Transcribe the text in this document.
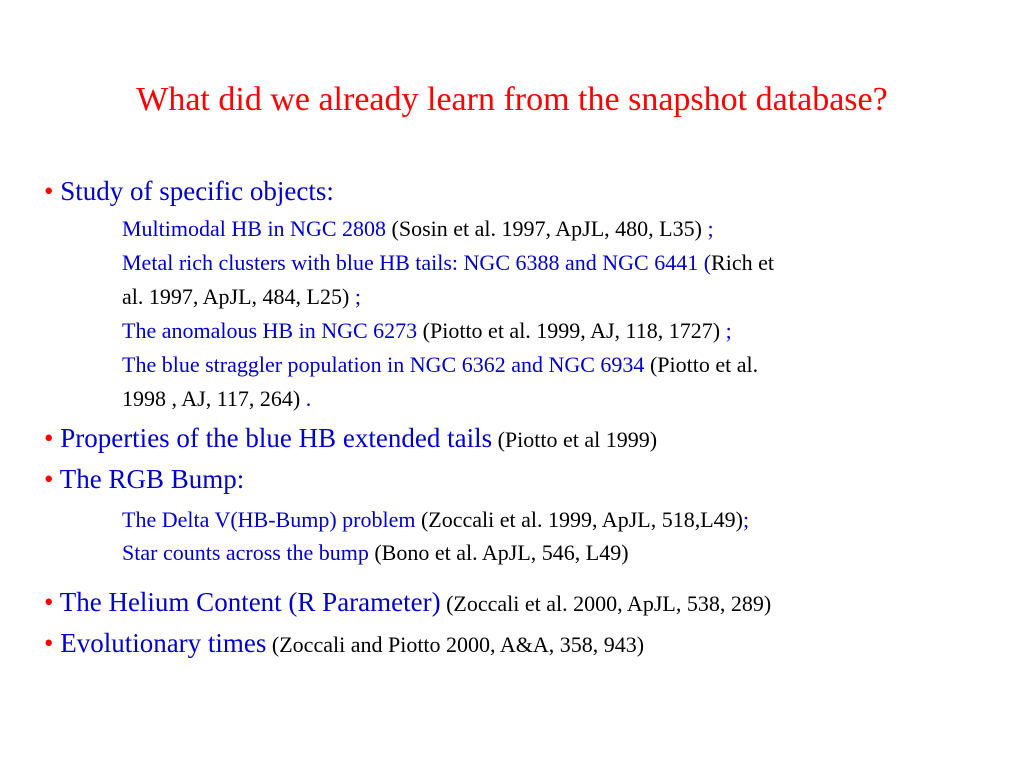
What did we already learn from the snapshot database?
• Study of specific objects:
Multimodal HB in NGC 2808 (Sosin et al. 1997, ApJL, 480, L35) ;
Metal rich clusters with blue HB tails: NGC 6388 and NGC 6441 (Rich et
al. 1997, ApJL, 484, L25) ;
The anomalous HB in NGC 6273 (Piotto et al. 1999, AJ, 118, 1727) ;
The blue straggler population in NGC 6362 and NGC 6934 (Piotto et al.
1998 , AJ, 117, 264) .
• Properties of the blue HB extended tails (Piotto et al 1999)
• The RGB Bump:
The Delta V(HB-Bump) problem (Zoccali et al. 1999, ApJL, 518,L49);
Star counts across the bump (Bono et al. ApJL, 546, L49)
• The Helium Content (R Parameter) (Zoccali et al. 2000, ApJL, 538, 289)
• Evolutionary times (Zoccali and Piotto 2000, A&A, 358, 943)
